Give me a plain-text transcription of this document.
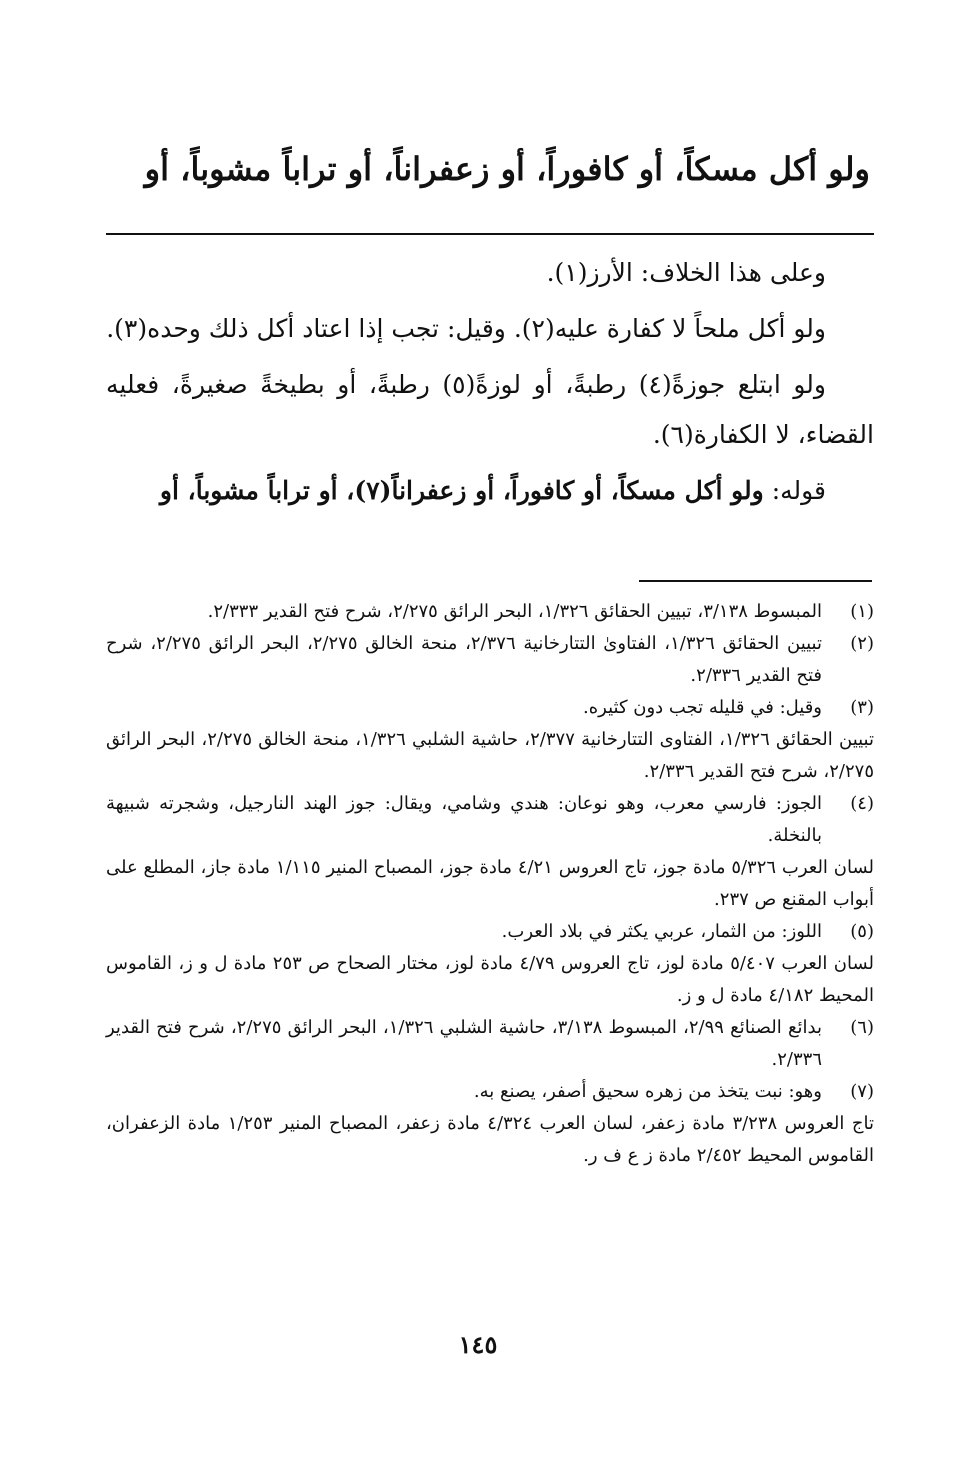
ولو أكل مسكاً، أو كافوراً، أو زعفراناً، أو تراباً مشوباً، أو

وعلى هذا الخلاف: الأرز(١).

ولو أكل ملحاً لا كفارة عليه(٢). وقيل: تجب إذا اعتاد أكل ذلك وحده(٣).

ولو ابتلع جوزةً(٤) رطبةً، أو لوزةً(٥) رطبةً، أو بطيخةً صغيرةً، فعليه القضاء، لا الكفارة(٦).

قوله: ولو أكل مسكاً، أو كافوراً، أو زعفراناً(٧)، أو تراباً مشوباً، أو

(١)
المبسوط ٣/١٣٨، تبيين الحقائق ١/٣٢٦، البحر الرائق ٢/٢٧٥، شرح فتح القدير ٢/٣٣٣.
(٢)
تبيين الحقائق ١/٣٢٦، الفتاوىٰ التتارخانية ٢/٣٧٦، منحة الخالق ٢/٢٧٥، البحر الرائق ٢/٢٧٥، شرح فتح القدير ٢/٣٣٦.
(٣)
وقيل: في قليله تجب دون كثيره.
تبيين الحقائق ١/٣٢٦، الفتاوى التتارخانية ٢/٣٧٧، حاشية الشلبي ١/٣٢٦، منحة الخالق ٢/٢٧٥، البحر الرائق ٢/٢٧٥، شرح فتح القدير ٢/٣٣٦.
(٤)
الجوز: فارسي معرب، وهو نوعان: هندي وشامي، ويقال: جوز الهند النارجيل، وشجرته شبيهة بالنخلة.
لسان العرب ٥/٣٢٦ مادة جوز، تاج العروس ٤/٢١ مادة جوز، المصباح المنير ١/١١٥ مادة جاز، المطلع على أبواب المقنع ص ٢٣٧.
(٥)
اللوز: من الثمار، عربي يكثر في بلاد العرب.
لسان العرب ٥/٤٠٧ مادة لوز، تاج العروس ٤/٧٩ مادة لوز، مختار الصحاح ص ٢٥٣ مادة ل و ز، القاموس المحيط ٤/١٨٢ مادة ل و ز.
(٦)
بدائع الصنائع ٢/٩٩، المبسوط ٣/١٣٨، حاشية الشلبي ١/٣٢٦، البحر الرائق ٢/٢٧٥، شرح فتح القدير ٢/٣٣٦.
(٧)
وهو: نبت يتخذ من زهره سحيق أصفر، يصنع به.
تاج العروس ٣/٢٣٨ مادة زعفر، لسان العرب ٤/٣٢٤ مادة زعفر، المصباح المنير ١/٢٥٣ مادة الزعفران، القاموس المحيط ٢/٤٥٢ مادة ز ع ف ر.
١٤٥
